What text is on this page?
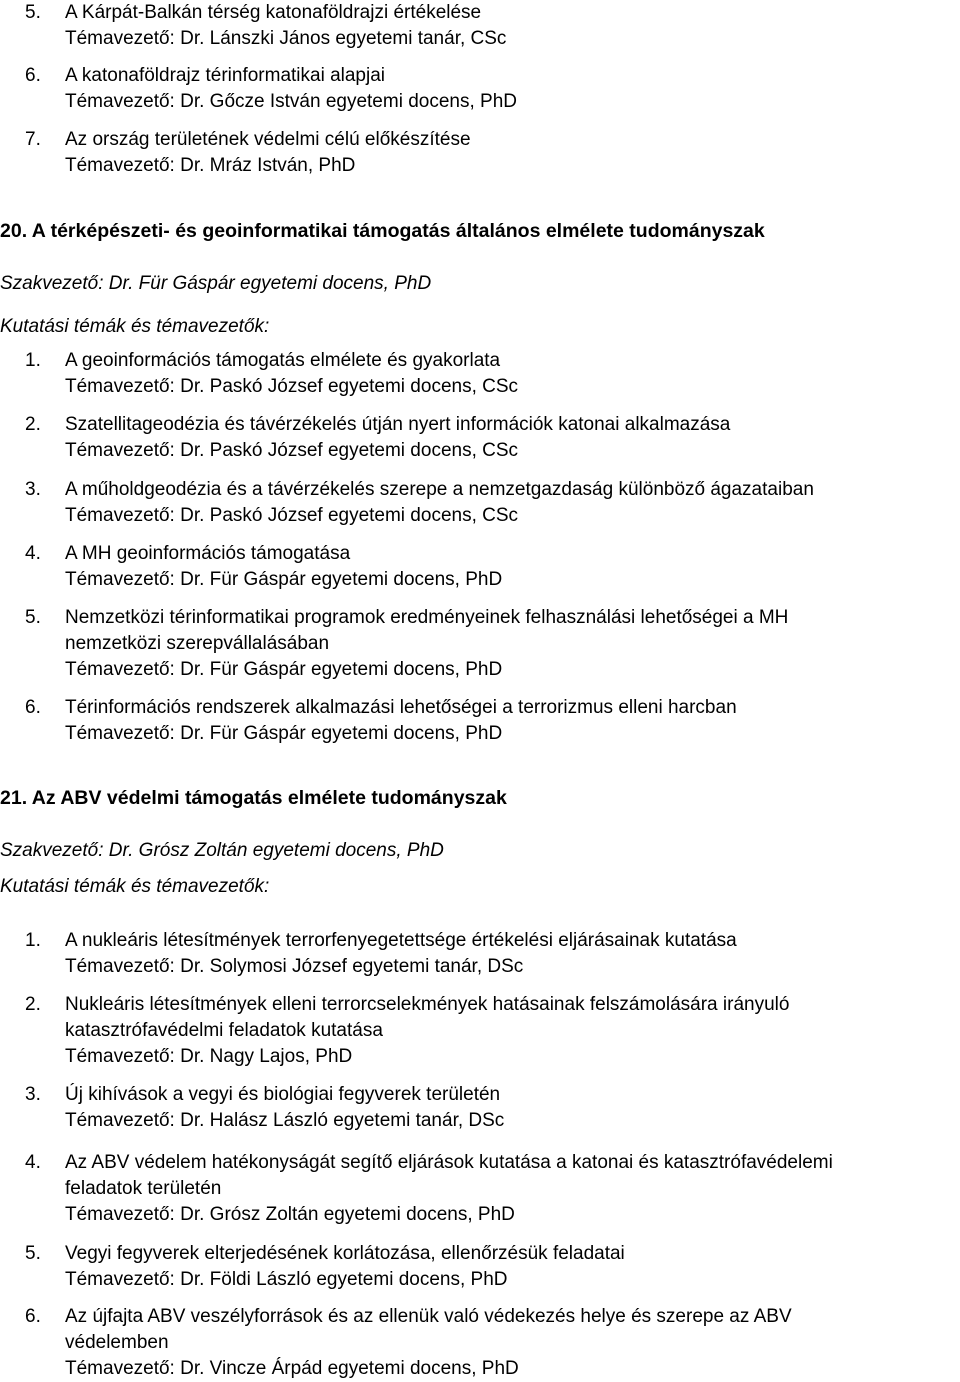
5.	A Kárpát-Balkán térség katonaföldrajzi értékelése
Témavezető: Dr. Lánszki János egyetemi tanár, CSc
6.	A katonaföldrajz térinformatikai alapjai
Témavezető: Dr. Gőcze István egyetemi docens, PhD
7.	Az ország területének védelmi célú előkészítése
Témavezető: Dr. Mráz István, PhD
20. A térképészeti- és geoinformatikai támogatás általános elmélete tudományszak
Szakvezető: Dr. Für Gáspár egyetemi docens, PhD
Kutatási témák és témavezetők:
1.	A geoinformációs támogatás elmélete és gyakorlata
Témavezető: Dr. Paskó József egyetemi docens, CSc
2.	Szatellitageodézia és távérzékelés útján nyert információk katonai alkalmazása
Témavezető: Dr. Paskó József egyetemi docens, CSc
3.	A műholdgeodézia és a távérzékelés szerepe a nemzetgazdaság különböző ágazataiban
Témavezető: Dr. Paskó József egyetemi docens, CSc
4.	A MH geoinformációs támogatása
Témavezető: Dr. Für Gáspár egyetemi docens, PhD
5.	Nemzetközi térinformatikai programok eredményeinek felhasználási lehetőségei a MH
nemzetközi szerepvállalásában
Témavezető: Dr. Für Gáspár egyetemi docens, PhD
6.	Térinformációs rendszerek alkalmazási lehetőségei a terrorizmus elleni harcban
Témavezető: Dr. Für Gáspár egyetemi docens, PhD
21. Az ABV védelmi támogatás elmélete tudományszak
Szakvezető: Dr. Grósz Zoltán egyetemi docens, PhD
Kutatási témák és témavezetők:
1.	A nukleáris létesítmények terrorfenyegetettsége értékelési eljárásainak kutatása
Témavezető: Dr. Solymosi József egyetemi tanár, DSc
2.	Nukleáris létesítmények elleni terrorcselekmények hatásainak felszámolására irányuló
katasztrófavédelmi feladatok kutatása
Témavezető: Dr. Nagy Lajos, PhD
3.	Új kihívások a vegyi és biológiai fegyverek területén
Témavezető: Dr. Halász László egyetemi tanár, DSc
4.	Az ABV védelem hatékonyságát segítő eljárások kutatása a katonai és katasztrófavédelemi
feladatok területén
Témavezető: Dr. Grósz Zoltán egyetemi docens, PhD
5.	Vegyi fegyverek elterjedésének korlátozása, ellenőrzésük feladatai
Témavezető: Dr. Földi László egyetemi docens, PhD
6.	Az újfajta ABV veszélyforrások és az ellenük való védekezés helye és szerepe az ABV
védelemben
Témavezető: Dr. Vincze Árpád egyetemi docens, PhD
